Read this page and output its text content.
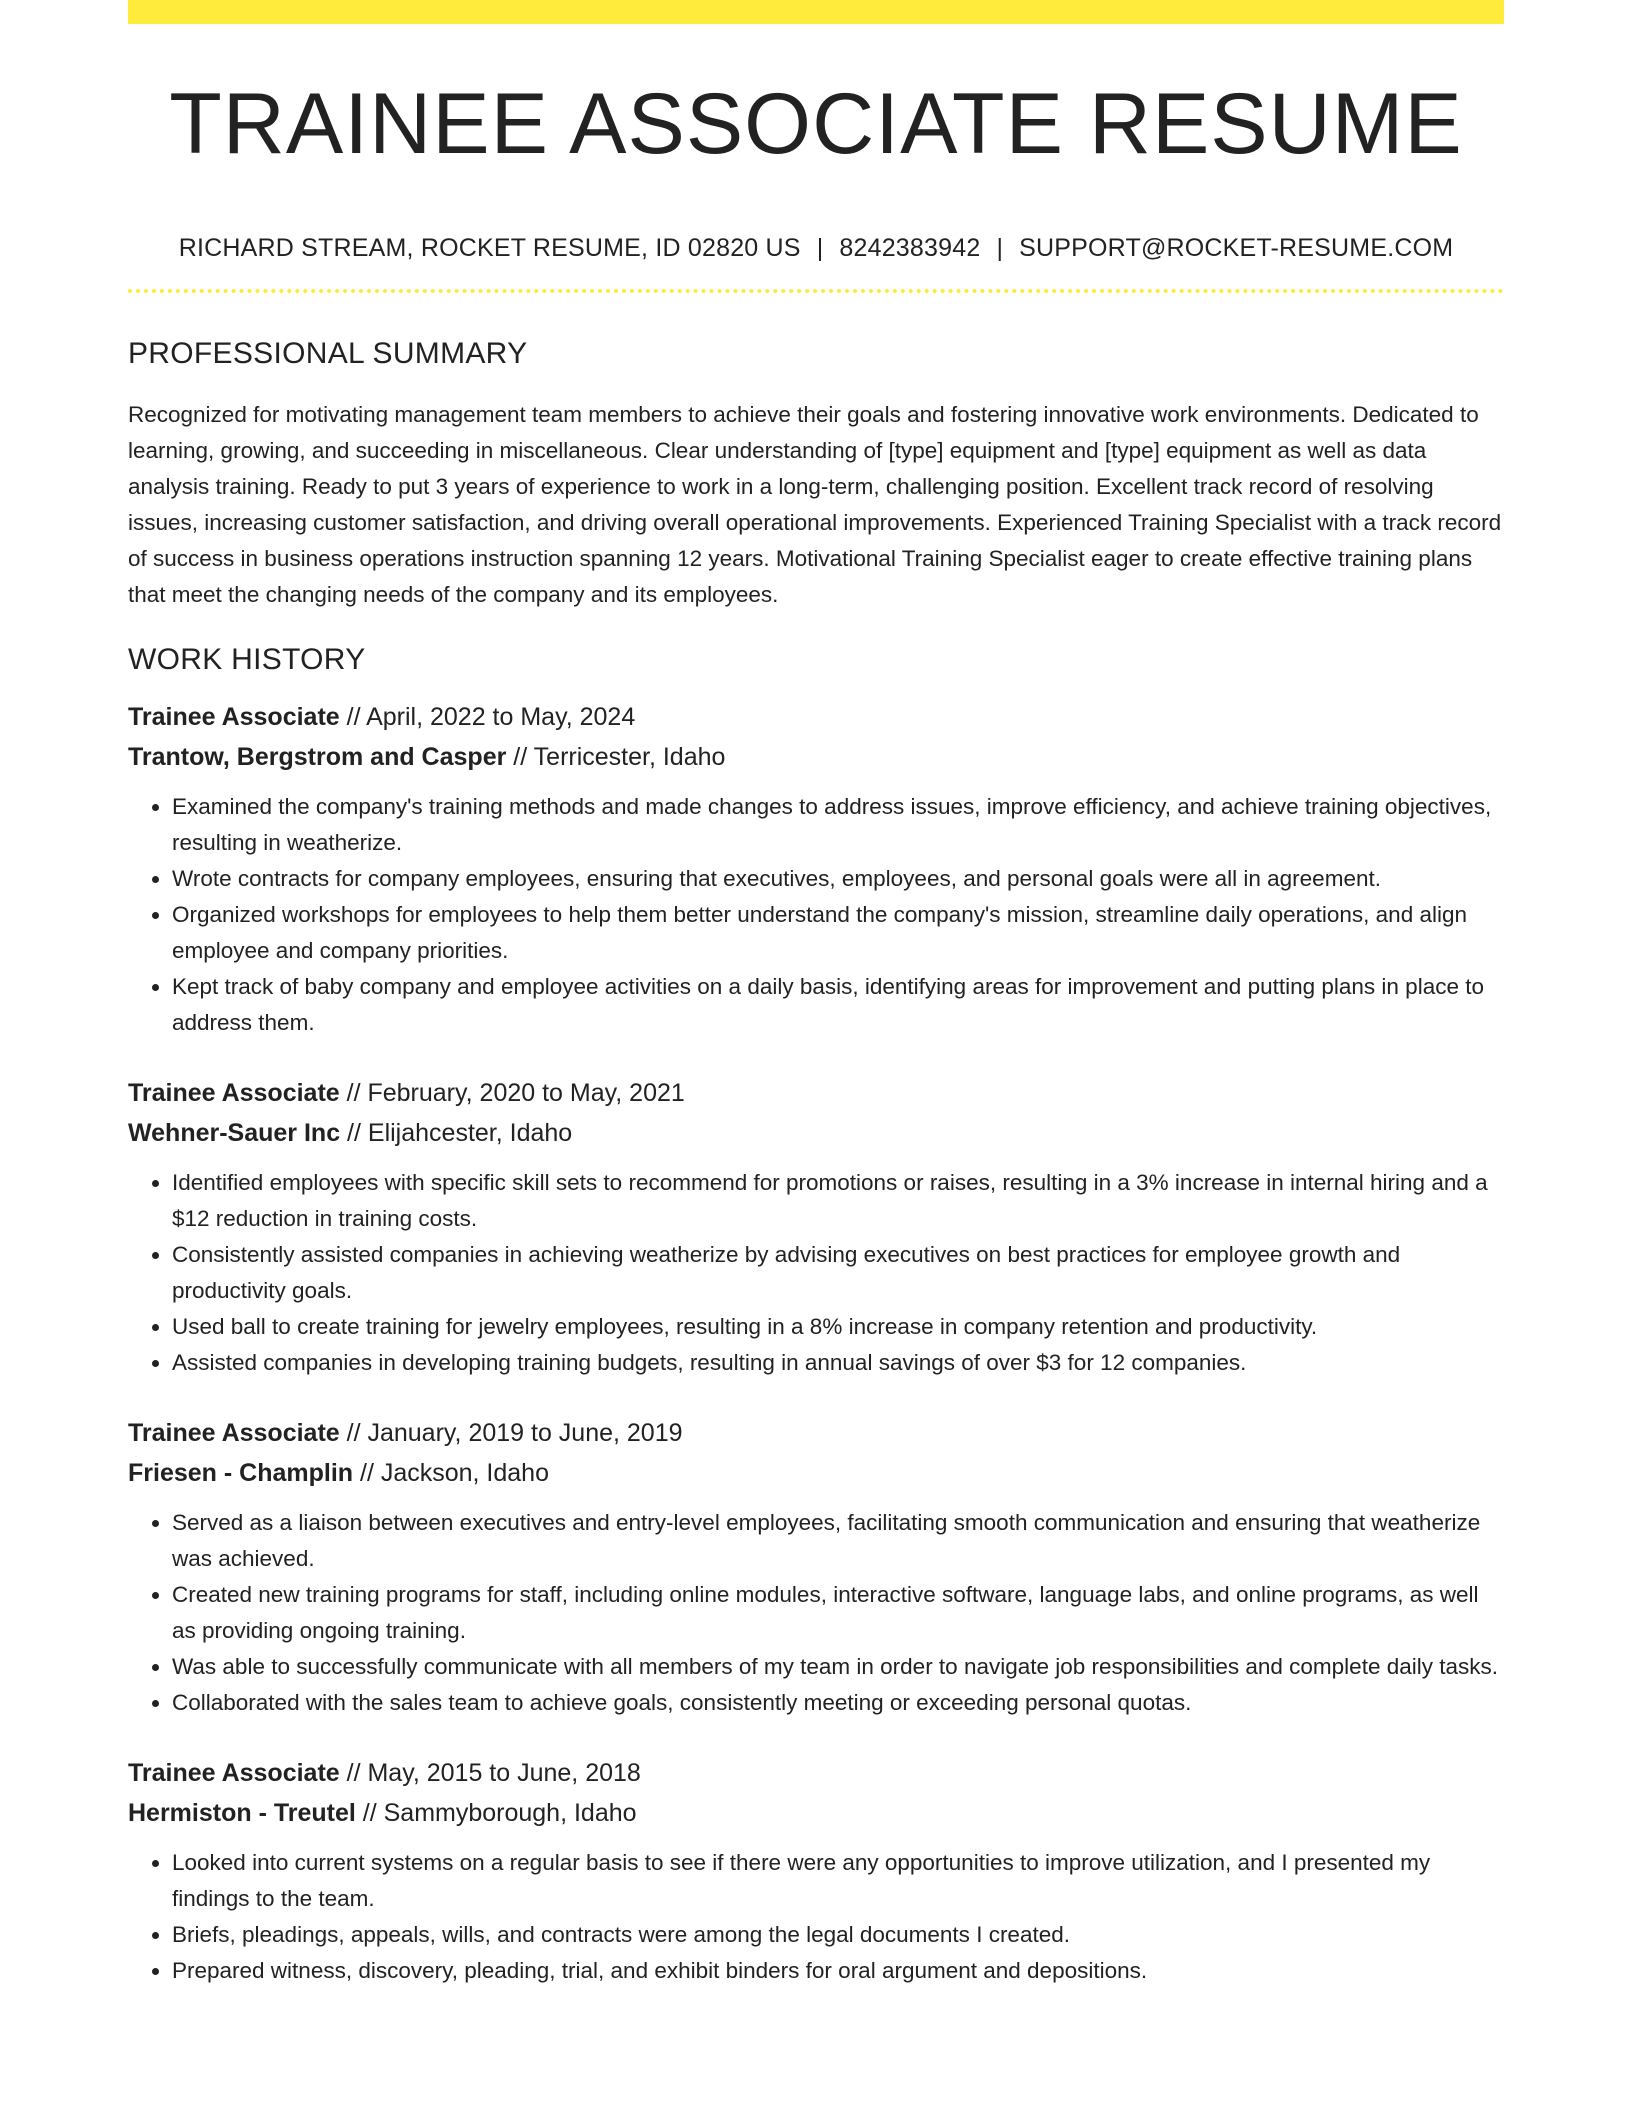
TRAINEE ASSOCIATE RESUME
RICHARD STREAM, ROCKET RESUME, ID 02820 US | 8242383942 | SUPPORT@ROCKET-RESUME.COM
PROFESSIONAL SUMMARY
Recognized for motivating management team members to achieve their goals and fostering innovative work environments. Dedicated to learning, growing, and succeeding in miscellaneous. Clear understanding of [type] equipment and [type] equipment as well as data analysis training. Ready to put 3 years of experience to work in a long-term, challenging position. Excellent track record of resolving issues, increasing customer satisfaction, and driving overall operational improvements. Experienced Training Specialist with a track record of success in business operations instruction spanning 12 years. Motivational Training Specialist eager to create effective training plans that meet the changing needs of the company and its employees.
WORK HISTORY
Trainee Associate // April, 2022 to May, 2024
Trantow, Bergstrom and Casper // Terricester, Idaho
• Examined the company's training methods and made changes to address issues, improve efficiency, and achieve training objectives, resulting in weatherize.
• Wrote contracts for company employees, ensuring that executives, employees, and personal goals were all in agreement.
• Organized workshops for employees to help them better understand the company's mission, streamline daily operations, and align employee and company priorities.
• Kept track of baby company and employee activities on a daily basis, identifying areas for improvement and putting plans in place to address them.
Trainee Associate // February, 2020 to May, 2021
Wehner-Sauer Inc // Elijahcester, Idaho
• Identified employees with specific skill sets to recommend for promotions or raises, resulting in a 3% increase in internal hiring and a $12 reduction in training costs.
• Consistently assisted companies in achieving weatherize by advising executives on best practices for employee growth and productivity goals.
• Used ball to create training for jewelry employees, resulting in a 8% increase in company retention and productivity.
• Assisted companies in developing training budgets, resulting in annual savings of over $3 for 12 companies.
Trainee Associate // January, 2019 to June, 2019
Friesen - Champlin // Jackson, Idaho
• Served as a liaison between executives and entry-level employees, facilitating smooth communication and ensuring that weatherize was achieved.
• Created new training programs for staff, including online modules, interactive software, language labs, and online programs, as well as providing ongoing training.
• Was able to successfully communicate with all members of my team in order to navigate job responsibilities and complete daily tasks.
• Collaborated with the sales team to achieve goals, consistently meeting or exceeding personal quotas.
Trainee Associate // May, 2015 to June, 2018
Hermiston - Treutel // Sammyborough, Idaho
• Looked into current systems on a regular basis to see if there were any opportunities to improve utilization, and I presented my findings to the team.
• Briefs, pleadings, appeals, wills, and contracts were among the legal documents I created.
• Prepared witness, discovery, pleading, trial, and exhibit binders for oral argument and depositions.
